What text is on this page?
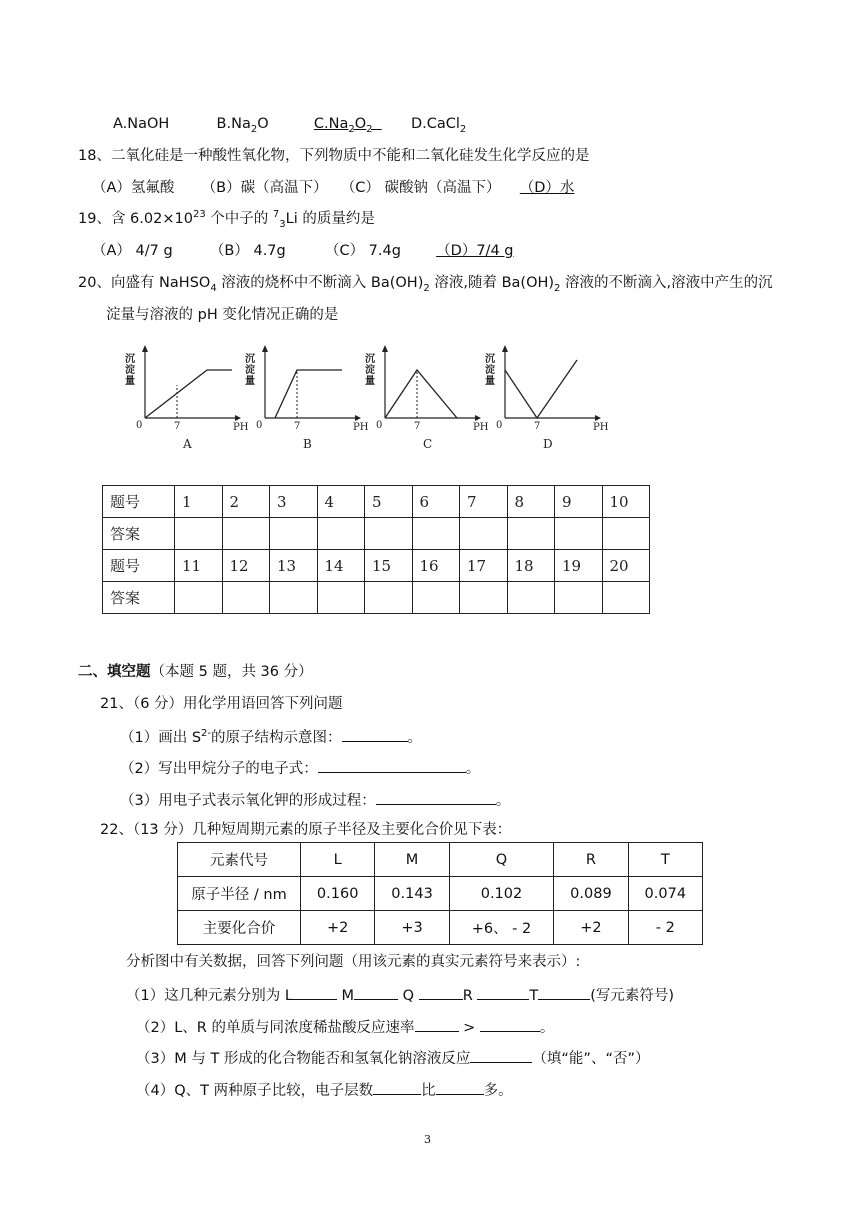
A.NaOH	$B.Na_2O$	$C.Na_2O_2$	D.CaCl$_2$
18、二氧化硅是一种酸性氧化物，下列物质中不能和二氧化硅发生化学反应的是
（A）氢氟酸 （B）碳（高温下） （C） 碳酸钠（高温下） （D）水
19、含 $6.02\times 10^{23}$ 个中子的 $^7_3$Li 的质量约是
（A） 4/7 g	（B） 4.7g	（C） 7.4g （D）7/4 g
20、向盛有 NaHSO$_4$ 溶液的烧杯中不断滴入 $Ba(OH)_2$ 溶液,随着 $Ba(OH)_2$ 溶液的不断滴入,溶液中产生的沉
淀量与溶液的 pH 变化情况正确的是
沉
淀
量
0	7	PH
A
沉
淀
量
0	7	PH
B
沉
淀
量
0	7	PH
C
沉
淀
量
0	7	PH
D
题号	1	2	3	4	5	6	7	8	9	10
答案										
题号	11	12	13	14	15	16	17	18	19	20
答案										
二、填空题（本题 5 题，共 36 分）
21、（6 分）用化学用语回答下列问题
（1）画出 $S^{2-}$的原子结构示意图：	。
（2）写出甲烷分子的电子式：	。
（3）用电子式表示氧化钾的形成过程：	。
22、（13 分）几种短周期元素的原子半径及主要化合价见下表：
元素代号	L	M	Q	R	T
原子半径 / nm	0.160	0.143	0.102	0.089	0.074
主要化合价	+2	+3	+6、 - 2	+2	- 2
分析图中有关数据，回答下列问题（用该元素的真实元素符号来表示）:
（1）这几种元素分别为 L	M	Q	R	T	(写元素符号)
（2）L、R 的单质与同浓度稀盐酸反应速率	>	。
（3）M 与 T 形成的化合物能否和氢氧化钠溶液反应	（填“能”、“否”）
（4）Q、T 两种原子比较，电子层数	比	多。
3
